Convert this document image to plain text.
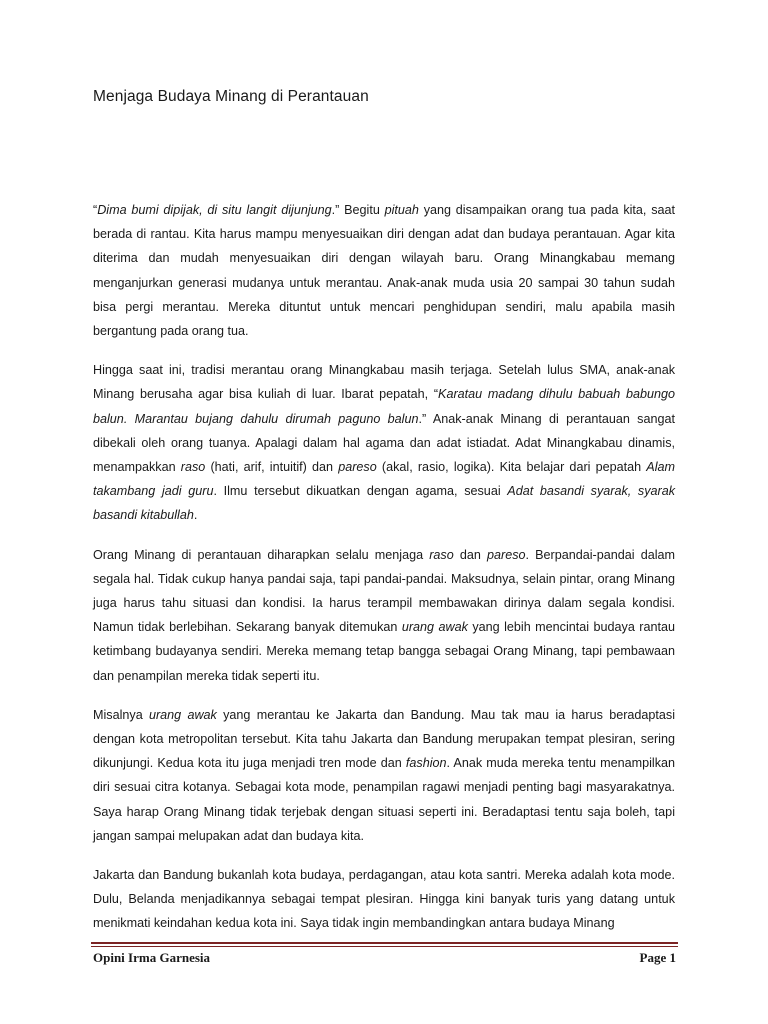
Menjaga Budaya Minang di Perantauan

“Dima bumi dipijak, di situ langit dijunjung.” Begitu pituah yang disampaikan orang tua pada kita, saat berada di rantau. Kita harus mampu menyesuaikan diri dengan adat dan budaya perantauan. Agar kita diterima dan mudah menyesuaikan diri dengan wilayah baru. Orang Minangkabau memang menganjurkan generasi mudanya untuk merantau. Anak-anak muda usia 20 sampai 30 tahun sudah bisa pergi merantau. Mereka dituntut untuk mencari penghidupan sendiri, malu apabila masih bergantung pada orang tua.

Hingga saat ini, tradisi merantau orang Minangkabau masih terjaga. Setelah lulus SMA, anak-anak Minang berusaha agar bisa kuliah di luar. Ibarat pepatah, “Karatau madang dihulu babuah babungo balun. Marantau bujang dahulu dirumah paguno balun.” Anak-anak Minang di perantauan sangat dibekali oleh orang tuanya. Apalagi dalam hal agama dan adat istiadat. Adat Minangkabau dinamis, menampakkan raso (hati, arif, intuitif) dan pareso (akal, rasio, logika). Kita belajar dari pepatah Alam takambang jadi guru. Ilmu tersebut dikuatkan dengan agama, sesuai Adat basandi syarak, syarak basandi kitabullah.

Orang Minang di perantauan diharapkan selalu menjaga raso dan pareso. Berpandai-pandai dalam segala hal. Tidak cukup hanya pandai saja, tapi pandai-pandai. Maksudnya, selain pintar, orang Minang juga harus tahu situasi dan kondisi. Ia harus terampil membawakan dirinya dalam segala kondisi. Namun tidak berlebihan. Sekarang banyak ditemukan urang awak yang lebih mencintai budaya rantau ketimbang budayanya sendiri. Mereka memang tetap bangga sebagai Orang Minang, tapi pembawaan dan penampilan mereka tidak seperti itu.

Misalnya urang awak yang merantau ke Jakarta dan Bandung. Mau tak mau ia harus beradaptasi dengan kota metropolitan tersebut. Kita tahu Jakarta dan Bandung merupakan tempat plesiran, sering dikunjungi. Kedua kota itu juga menjadi tren mode dan fashion. Anak muda mereka tentu menampilkan diri sesuai citra kotanya. Sebagai kota mode, penampilan ragawi menjadi penting bagi masyarakatnya. Saya harap Orang Minang tidak terjebak dengan situasi seperti ini. Beradaptasi tentu saja boleh, tapi jangan sampai melupakan adat dan budaya kita.

Jakarta dan Bandung bukanlah kota budaya, perdagangan, atau kota santri. Mereka adalah kota mode. Dulu, Belanda menjadikannya sebagai tempat plesiran. Hingga kini banyak turis yang datang untuk menikmati keindahan kedua kota ini. Saya tidak ingin membandingkan antara budaya Minang

Opini Irma Garnesia	Page 1
